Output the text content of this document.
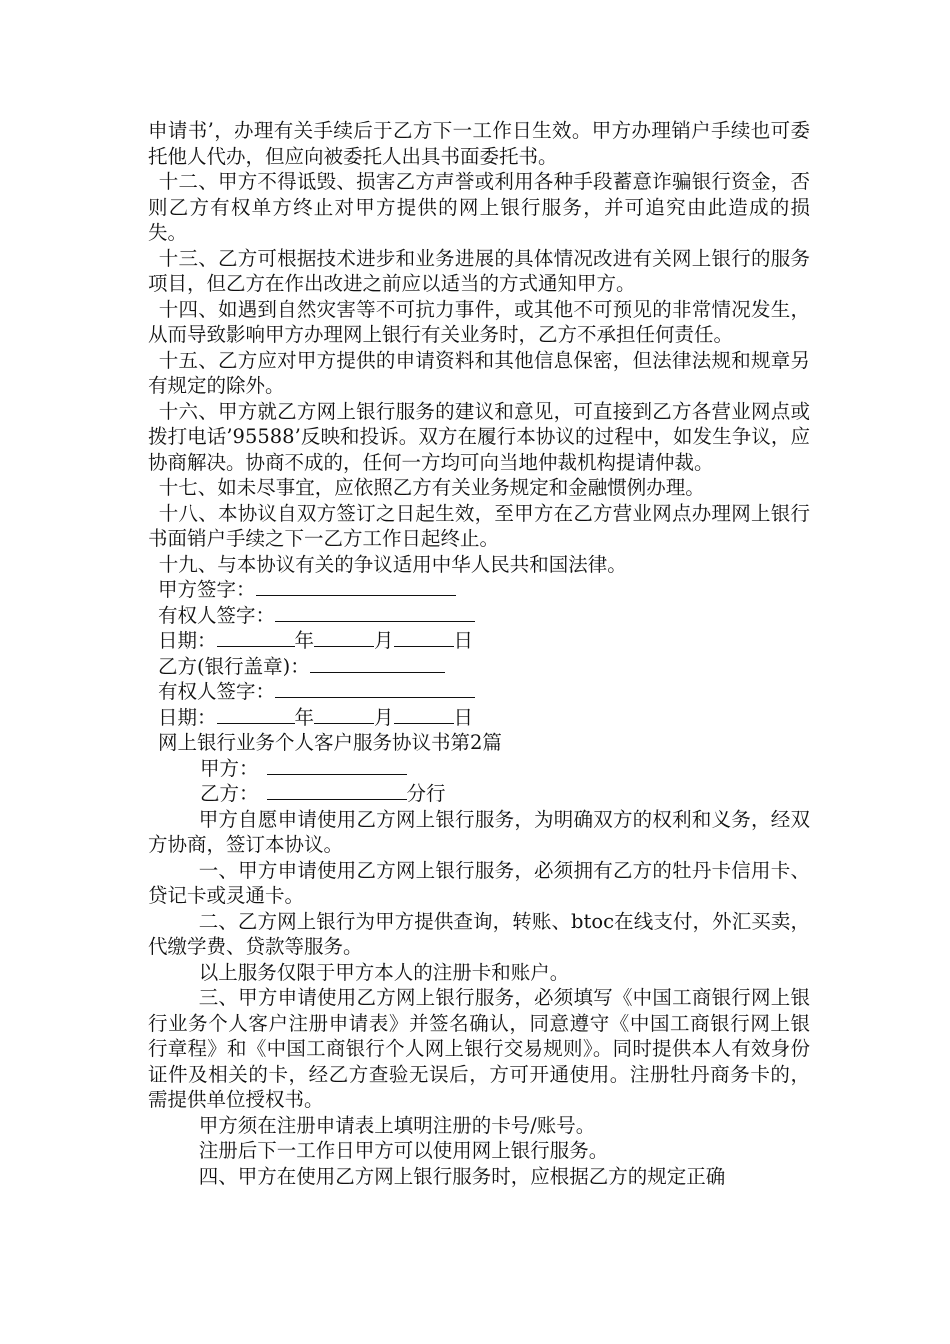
申请书’，办理有关手续后于乙方下一工作日生效。甲方办理销户手续也可委托他人代办，但应向被委托人出具书面委托书。

十二、甲方不得诋毁、损害乙方声誉或利用各种手段蓄意诈骗银行资金，否则乙方有权单方终止对甲方提供的网上银行服务，并可追究由此造成的损失。

十三、乙方可根据技术进步和业务进展的具体情况改进有关网上银行的服务项目，但乙方在作出改进之前应以适当的方式通知甲方。

十四、如遇到自然灾害等不可抗力事件，或其他不可预见的非常情况发生，从而导致影响甲方办理网上银行有关业务时，乙方不承担任何责任。

十五、乙方应对甲方提供的申请资料和其他信息保密，但法律法规和规章另有规定的除外。

十六、甲方就乙方网上银行服务的建议和意见，可直接到乙方各营业网点或拨打电话’95588’反映和投诉。双方在履行本协议的过程中，如发生争议，应协商解决。协商不成的，任何一方均可向当地仲裁机构提请仲裁。

十七、如未尽事宜，应依照乙方有关业务规定和金融惯例办理。

十八、本协议自双方签订之日起生效，至甲方在乙方营业网点办理网上银行书面销户手续之下一乙方工作日起终止。

十九、与本协议有关的争议适用中华人民共和国法律。

甲方签字：
有权人签字：
日期：	年	月	日
乙方(银行盖章)：
有权人签字：
日期：	年	月	日
网上银行业务个人客户服务协议书第2篇
甲方：
乙方：	分行

甲方自愿申请使用乙方网上银行服务，为明确双方的权利和义务，经双方协商，签订本协议。

一、甲方申请使用乙方网上银行服务，必须拥有乙方的牡丹卡信用卡、贷记卡或灵通卡。

二、乙方网上银行为甲方提供查询，转账、btoc在线支付，外汇买卖，代缴学费、贷款等服务。

以上服务仅限于甲方本人的注册卡和账户。

三、甲方申请使用乙方网上银行服务，必须填写《中国工商银行网上银行业务个人客户注册申请表》并签名确认，同意遵守《中国工商银行网上银行章程》和《中国工商银行个人网上银行交易规则》。同时提供本人有效身份证件及相关的卡，经乙方查验无误后，方可开通使用。注册牡丹商务卡的，需提供单位授权书。

甲方须在注册申请表上填明注册的卡号/账号。

注册后下一工作日甲方可以使用网上银行服务。

四、甲方在使用乙方网上银行服务时，应根据乙方的规定正确
